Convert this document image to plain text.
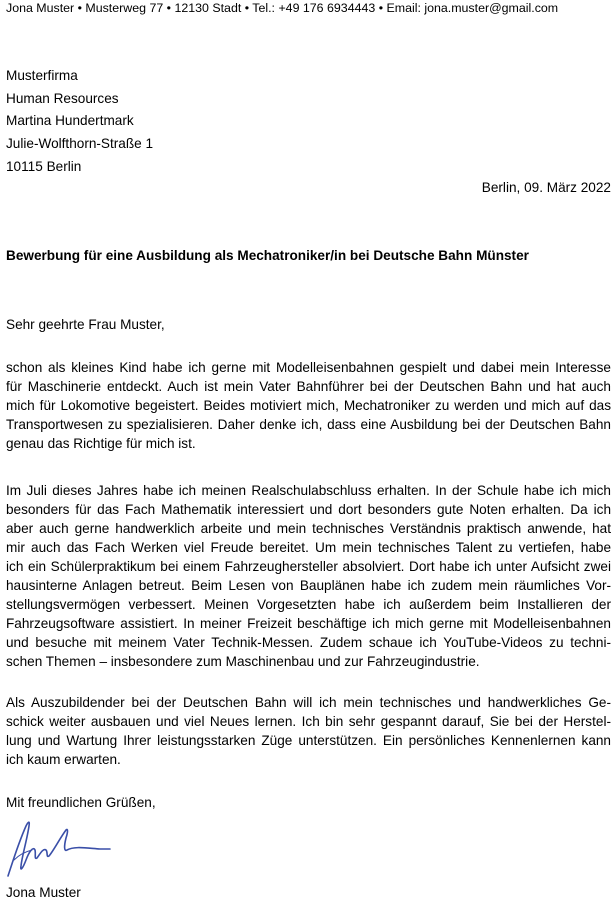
Jona Muster • Musterweg 77 • 12130 Stadt • Tel.: +49 176 6934443 • Email: jona.muster@gmail.com
Musterfirma
Human Resources
Martina Hundertmark
Julie-Wolfthorn-Straße 1
10115 Berlin
Berlin, 09. März 2022
Bewerbung für eine Ausbildung als Mechatroniker/in bei Deutsche Bahn Münster
Sehr geehrte Frau Muster,
schon als kleines Kind habe ich gerne mit Modelleisenbahnen gespielt und dabei mein Interesse
für Maschinerie entdeckt. Auch ist mein Vater Bahnführer bei der Deutschen Bahn und hat auch
mich für Lokomotive begeistert. Beides motiviert mich, Mechatroniker zu werden und mich auf das
Transportwesen zu spezialisieren. Daher denke ich, dass eine Ausbildung bei der Deutschen Bahn
genau das Richtige für mich ist.
Im Juli dieses Jahres habe ich meinen Realschulabschluss erhalten. In der Schule habe ich mich
besonders für das Fach Mathematik interessiert und dort besonders gute Noten erhalten. Da ich
aber auch gerne handwerklich arbeite und mein technisches Verständnis praktisch anwende, hat
mir auch das Fach Werken viel Freude bereitet. Um mein technisches Talent zu vertiefen, habe
ich ein Schülerpraktikum bei einem Fahrzeughersteller absolviert. Dort habe ich unter Aufsicht zwei
hausinterne Anlagen betreut. Beim Lesen von Bauplänen habe ich zudem mein räumliches Vor-
stellungsvermögen verbessert. Meinen Vorgesetzten habe ich außerdem beim Installieren der
Fahrzeugsoftware assistiert. In meiner Freizeit beschäftige ich mich gerne mit Modelleisenbahnen
und besuche mit meinem Vater Technik-Messen. Zudem schaue ich YouTube-Videos zu techni-
schen Themen – insbesondere zum Maschinenbau und zur Fahrzeugindustrie.
Als Auszubildender bei der Deutschen Bahn will ich mein technisches und handwerkliches Ge-
schick weiter ausbauen und viel Neues lernen. Ich bin sehr gespannt darauf, Sie bei der Herstel-
lung und Wartung Ihrer leistungsstarken Züge unterstützen. Ein persönliches Kennenlernen kann
ich kaum erwarten.
Mit freundlichen Grüßen,
Jona Muster
